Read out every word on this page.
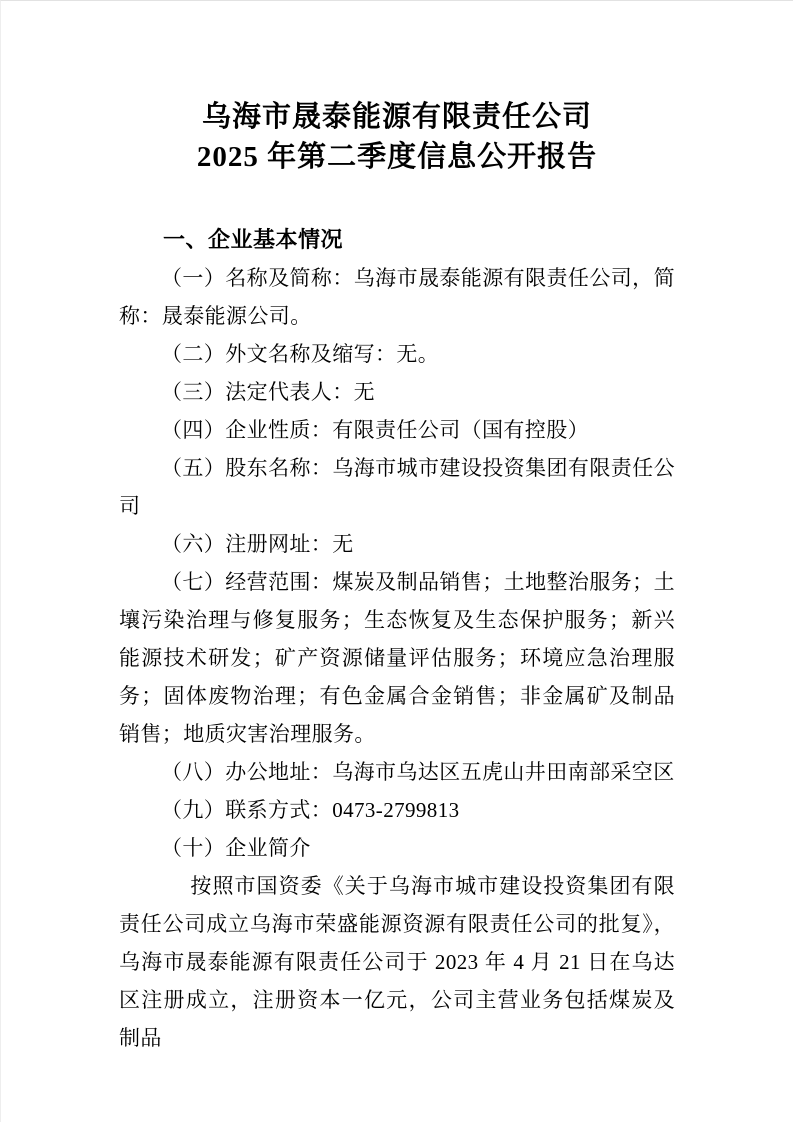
乌海市晟泰能源有限责任公司
2025 年第二季度信息公开报告
一、企业基本情况

（一）名称及简称：乌海市晟泰能源有限责任公司，简称：晟泰能源公司。

（二）外文名称及缩写：无。

（三）法定代表人：无

（四）企业性质：有限责任公司（国有控股）

（五）股东名称：乌海市城市建设投资集团有限责任公司

（六）注册网址：无

（七）经营范围：煤炭及制品销售；土地整治服务；土壤污染治理与修复服务；生态恢复及生态保护服务；新兴能源技术研发；矿产资源储量评估服务；环境应急治理服务；固体废物治理；有色金属合金销售；非金属矿及制品销售；地质灾害治理服务。

（八）办公地址：乌海市乌达区五虎山井田南部采空区

（九）联系方式：0473-2799813

（十）企业简介

按照市国资委《关于乌海市城市建设投资集团有限责任公司成立乌海市荣盛能源资源有限责任公司的批复》，乌海市晟泰能源有限责任公司于 2023 年 4 月 21 日在乌达区注册成立，注册资本一亿元，公司主营业务包括煤炭及制品
